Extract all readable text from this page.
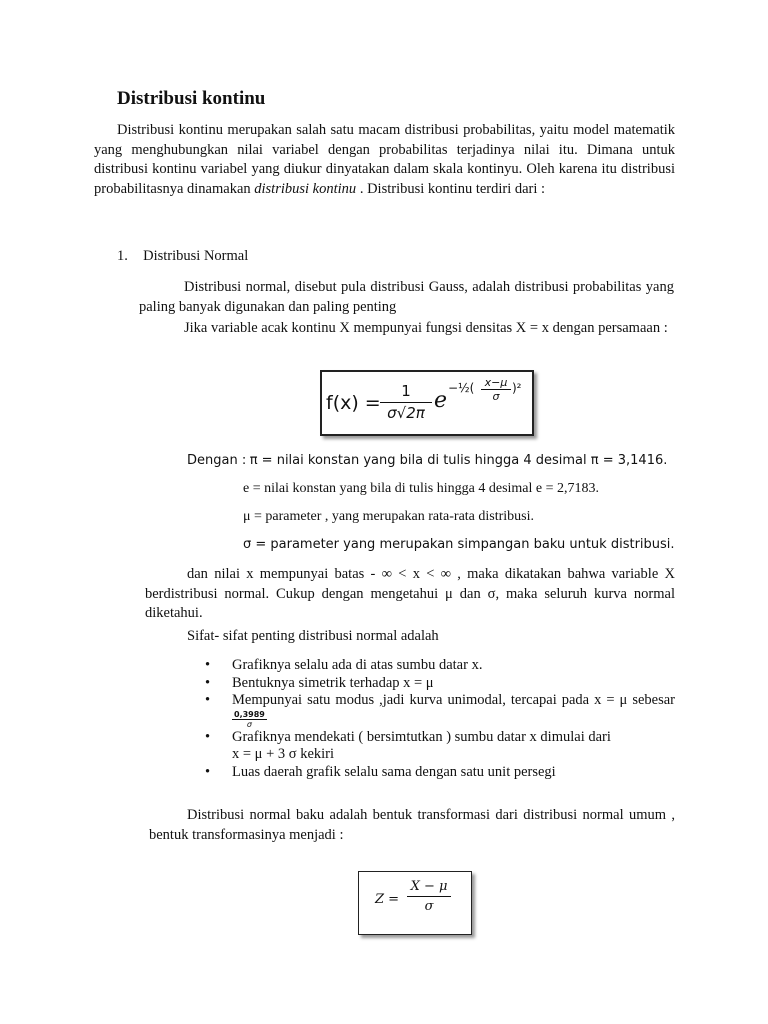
Distribusi kontinu
Distribusi kontinu merupakan salah satu macam distribusi probabilitas, yaitu model matematik yang menghubungkan nilai variabel dengan probabilitas terjadinya nilai itu. Dimana untuk distribusi kontinu variabel yang diukur dinyatakan dalam skala kontinyu. Oleh karena itu distribusi probabilitasnya dinamakan distribusi kontinu . Distribusi kontinu terdiri dari :
1. Distribusi Normal
Distribusi normal, disebut pula distribusi Gauss, adalah distribusi probabilitas yang paling banyak digunakan dan paling penting
Jika variable acak kontinu X mempunyai fungsi densitas X = x dengan persamaan :
$f(x) = \frac{1}{\sigma√2\pi}$ e −½( $\frac{x-\mu}{\sigma} )^2$
Dengan : π = nilai konstan yang bila di tulis hingga 4 desimal π = 3,1416.
e = nilai konstan yang bila di tulis hingga 4 desimal e = 2,7183.
μ = parameter , yang merupakan rata-rata distribusi.
σ = parameter yang merupakan simpangan baku untuk distribusi.
dan nilai x mempunyai batas - ∞ < x < ∞ , maka dikatakan bahwa variable X berdistribusi normal. Cukup dengan mengetahui μ dan σ, maka seluruh kurva normal diketahui.
Sifat- sifat penting distribusi normal adalah
• Grafiknya selalu ada di atas sumbu datar x.
• Bentuknya simetrik terhadap x = μ
• Mempunyai satu modus ,jadi kurva unimodal, tercapai pada x = μ sebesar
$\frac{0,3989}{\sigma}$
• Grafiknya mendekati ( bersimtutkan ) sumbu datar x dimulai dari
x = μ + 3 σ kekiri
• Luas daerah grafik selalu sama dengan satu unit persegi
Distribusi normal baku adalah bentuk transformasi dari distribusi normal umum , bentuk transformasinya menjadi :
$Z = \frac{X - \mu}{\sigma}$
